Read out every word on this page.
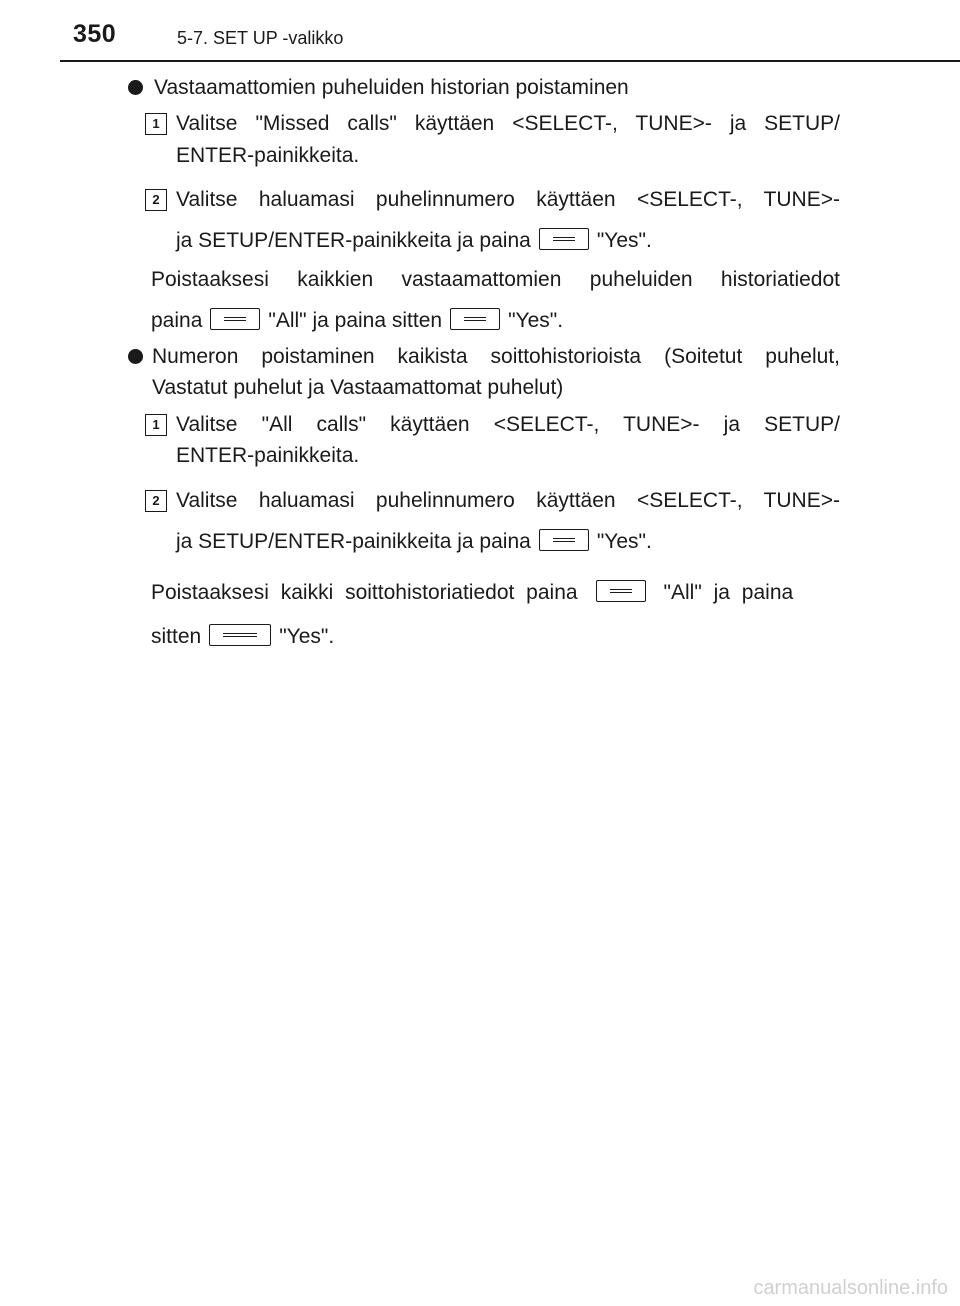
350	5-7. SET UP -valikko
Vastaamattomien puheluiden historian poistaminen
1 Valitse "Missed calls" käyttäen <SELECT-, TUNE>- ja SETUP/
ENTER-painikkeita.
2 Valitse haluamasi puhelinnumero käyttäen <SELECT-, TUNE>-
ja SETUP/ENTER-painikkeita ja paina	"Yes".
Poistaaksesi kaikkien vastaamattomien puheluiden historiatiedot
paina	"All" ja paina sitten	"Yes".
Numeron poistaminen kaikista soittohistorioista (Soitetut puhelut,
Vastatut puhelut ja Vastaamattomat puhelut)
1 Valitse "All calls" käyttäen <SELECT-, TUNE>- ja SETUP/
ENTER-painikkeita.
2 Valitse haluamasi puhelinnumero käyttäen <SELECT-, TUNE>-
ja SETUP/ENTER-painikkeita ja paina	"Yes".
Poistaaksesi kaikki soittohistoriatiedot paina	"All" ja paina
sitten	"Yes".
carmanualsonline.info
